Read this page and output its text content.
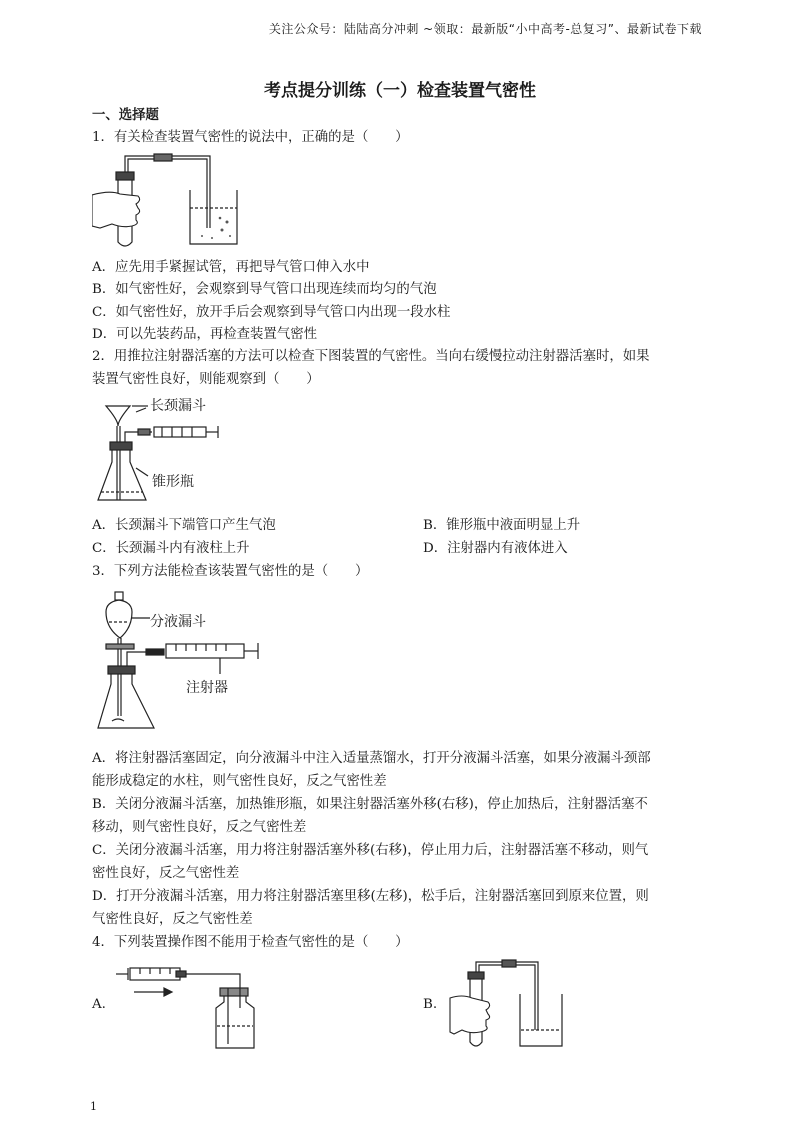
关注公众号：陆陆高分冲刺 ~领取：最新版“小中高考-总复习”、最新试卷下载
考点提分训练（一）检查装置气密性
一、选择题
1．有关检查装置气密性的说法中，正确的是（　　）
A．应先用手紧握试管，再把导气管口伸入水中
B．如气密性好，会观察到导气管口出现连续而均匀的气泡
C．如气密性好，放开手后会观察到导气管口内出现一段水柱
D．可以先装药品，再检查装置气密性
2．用推拉注射器活塞的方法可以检查下图装置的气密性。当向右缓慢拉动注射器活塞时，如果
装置气密性良好，则能观察到（　　）
长颈漏斗
锥形瓶
A．长颈漏斗下端管口产生气泡	B．锥形瓶中液面明显上升
C．长颈漏斗内有液柱上升	D．注射器内有液体进入
3．下列方法能检查该装置气密性的是（　　）
分液漏斗
注射器
A．将注射器活塞固定，向分液漏斗中注入适量蒸馏水，打开分液漏斗活塞，如果分液漏斗颈部
能形成稳定的水柱，则气密性良好，反之气密性差
B．关闭分液漏斗活塞，加热锥形瓶，如果注射器活塞外移(右移)，停止加热后，注射器活塞不
移动，则气密性良好，反之气密性差
C．关闭分液漏斗活塞，用力将注射器活塞外移(右移)，停止用力后，注射器活塞不移动，则气
密性良好，反之气密性差
D．打开分液漏斗活塞，用力将注射器活塞里移(左移)，松手后，注射器活塞回到原来位置，则
气密性良好，反之气密性差
4．下列装置操作图不能用于检查气密性的是（　　）
A.	B.
1
